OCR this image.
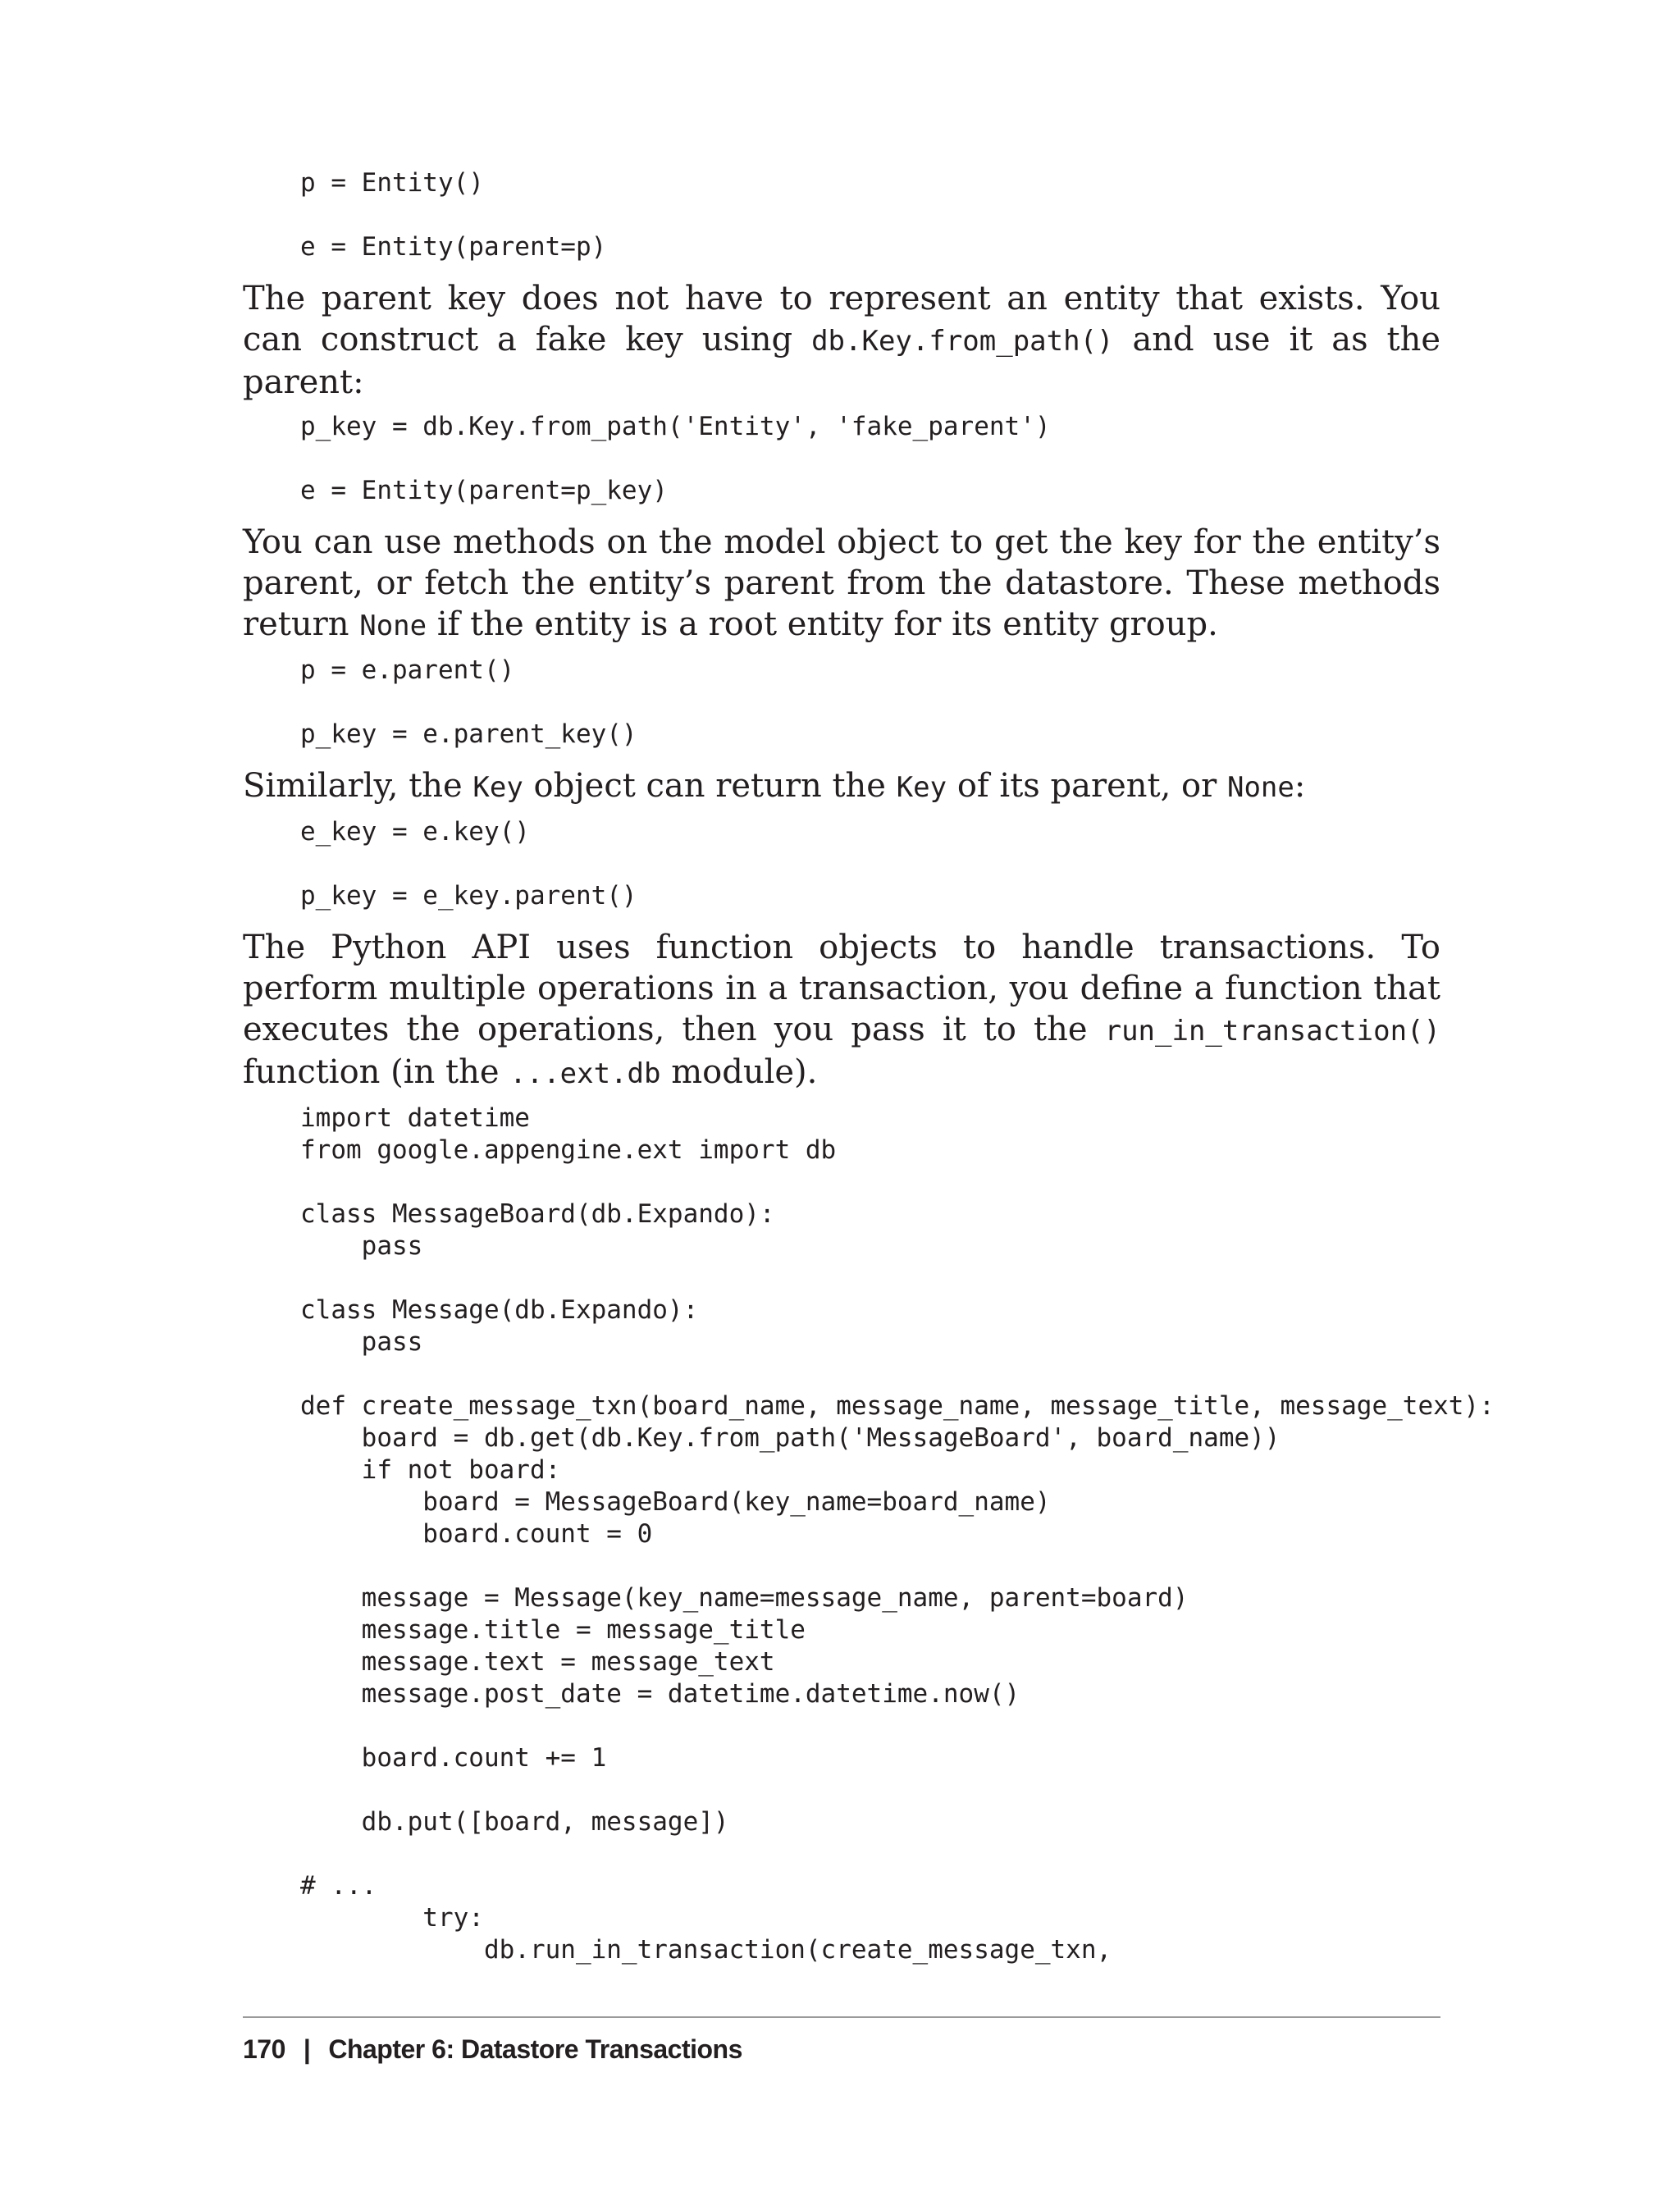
p = Entity()
e = Entity(parent=p)

The parent key does not have to represent an entity that exists. You can construct a fake key using db.Key.from_path() and use it as the parent:

p_key = db.Key.from_path('Entity', 'fake_parent')
e = Entity(parent=p_key)

You can use methods on the model object to get the key for the entity’s parent, or fetch the entity’s parent from the datastore. These methods return None if the entity is a root entity for its entity group.

p = e.parent()
p_key = e.parent_key()

Similarly, the Key object can return the Key of its parent, or None:

e_key = e.key()
p_key = e_key.parent()

The Python API uses function objects to handle transactions. To perform multiple operations in a transaction, you define a function that executes the operations, then you pass it to the run_in_transaction() function (in the ...ext.db module).

import datetime
from google.appengine.ext import db
class MessageBoard(db.Expando):
pass
class Message(db.Expando):
pass
def create_message_txn(board_name, message_name, message_title, message_text):
board = db.get(db.Key.from_path('MessageBoard', board_name))
if not board:
board = MessageBoard(key_name=board_name)
board.count = 0
message = Message(key_name=message_name, parent=board)
message.title = message_title
message.text = message_text
message.post_date = datetime.datetime.now()
board.count += 1
db.put([board, message])
# ...
try:
db.run_in_transaction(create_message_txn,
170 | Chapter 6: Datastore Transactions
